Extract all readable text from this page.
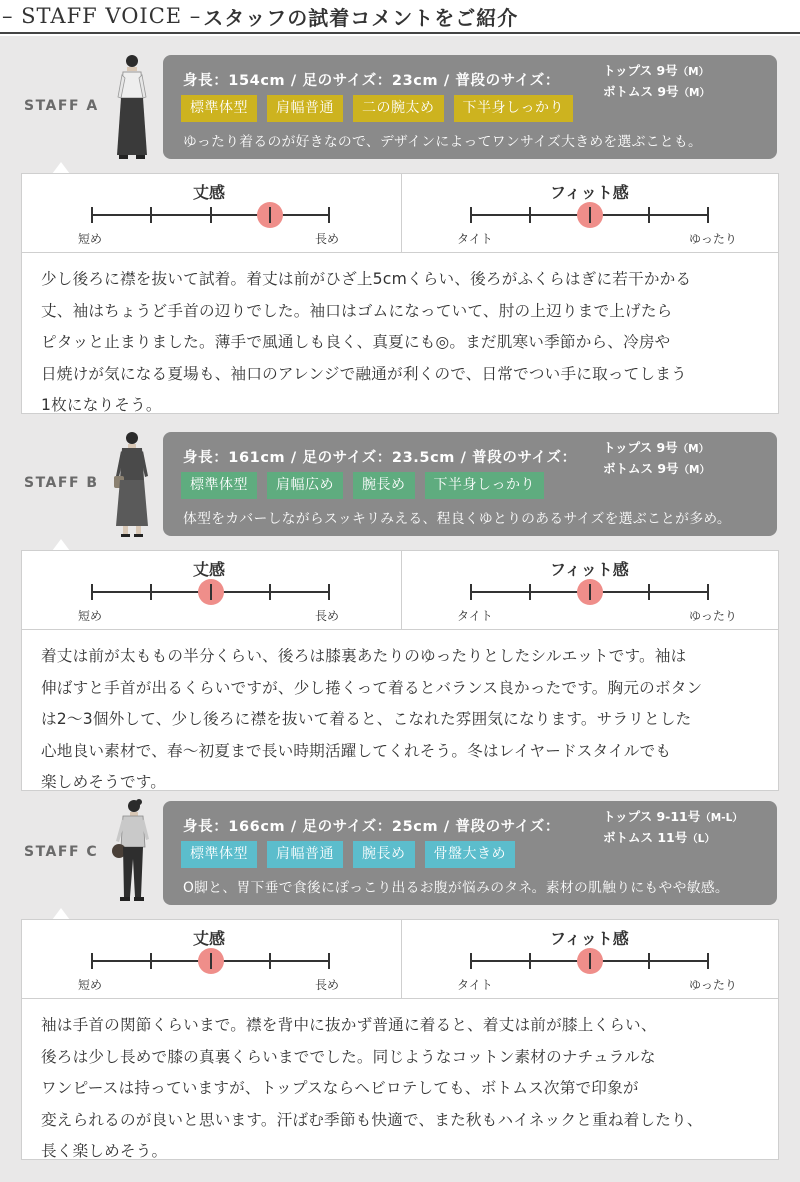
– STAFF VOICE – スタッフの試着コメントをご紹介
STAFF A
身長：154cm / 足のサイズ：23cm / 普段のサイズ：
トップス 9号（M）
ボトムス 9号（M）
標準体型	肩幅普通	二の腕太め	下半身しっかり
ゆったり着るのが好きなので、デザインによってワンサイズ大きめを選ぶことも。
丈感
短め	長め
フィット感
タイト	ゆったり
少し後ろに襟を抜いて試着。着丈は前がひざ上5cmくらい、後ろがふくらはぎに若干かかる
丈、袖はちょうど手首の辺りでした。袖口はゴムになっていて、肘の上辺りまで上げたら
ピタッと止まりました。薄手で風通しも良く、真夏にも◎。まだ肌寒い季節から、冷房や
日焼けが気になる夏場も、袖口のアレンジで融通が利くので、日常でつい手に取ってしまう
1枚になりそう。
STAFF B
身長：161cm / 足のサイズ：23.5cm / 普段のサイズ：
トップス 9号（M）
ボトムス 9号（M）
標準体型	肩幅広め	腕長め	下半身しっかり
体型をカバーしながらスッキリみえる、程良くゆとりのあるサイズを選ぶことが多め。
丈感
短め	長め
フィット感
タイト	ゆったり
着丈は前が太ももの半分くらい、後ろは膝裏あたりのゆったりとしたシルエットです。袖は
伸ばすと手首が出るくらいですが、少し捲くって着るとバランス良かったです。胸元のボタン
は2〜3個外して、少し後ろに襟を抜いて着ると、こなれた雰囲気になります。サラリとした
心地良い素材で、春〜初夏まで長い時期活躍してくれそう。冬はレイヤードスタイルでも
楽しめそうです。
STAFF C
身長：166cm / 足のサイズ：25cm / 普段のサイズ：
トップス 9-11号（M-L）
ボトムス 11号（L）
標準体型	肩幅普通	腕長め	骨盤大きめ
O脚と、胃下垂で食後にぽっこり出るお腹が悩みのタネ。素材の肌触りにもやや敏感。
丈感
短め	長め
フィット感
タイト	ゆったり
袖は手首の関節くらいまで。襟を背中に抜かず普通に着ると、着丈は前が膝上くらい、
後ろは少し長めで膝の真裏くらいまででした。同じようなコットン素材のナチュラルな
ワンピースは持っていますが、トップスならヘビロテしても、ボトムス次第で印象が
変えられるのが良いと思います。汗ばむ季節も快適で、また秋もハイネックと重ね着したり、
長く楽しめそう。
